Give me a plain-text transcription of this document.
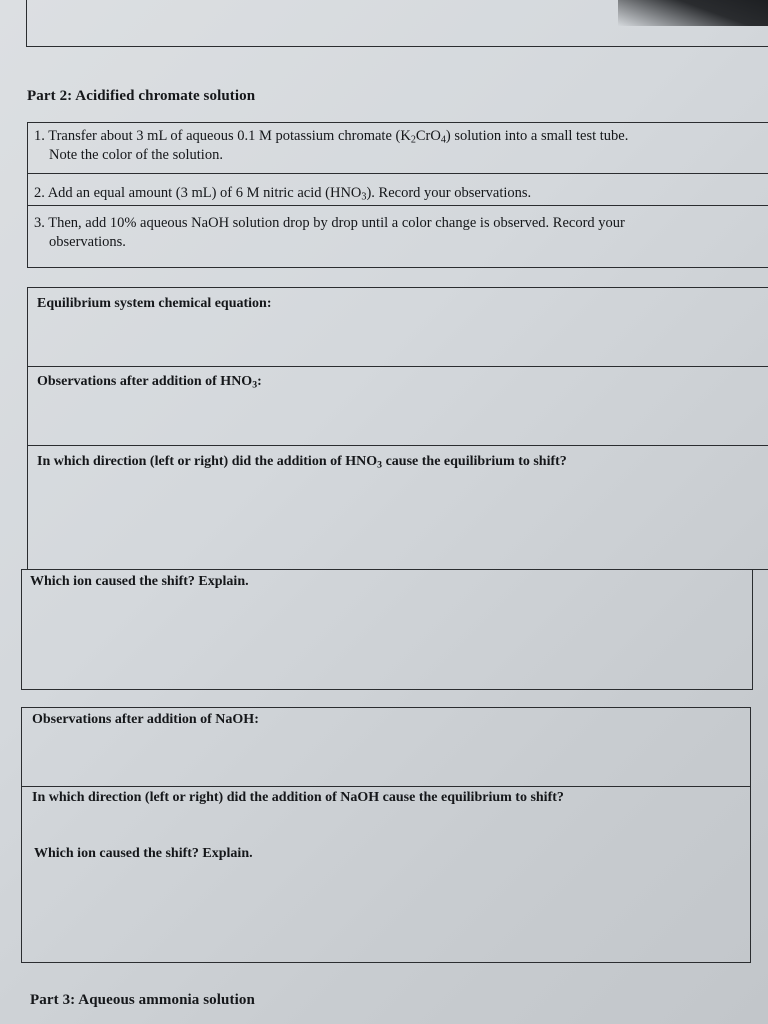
Part 2: Acidified chromate solution
1. Transfer about 3 mL of aqueous 0.1 M potassium chromate $(K_2CrO_4)$ solution into a small test tube.
Note the color of the solution.
2. Add an equal amount (3 mL) of 6 M nitric acid $(HNO_3)$. Record your observations.
3. Then, add 10% aqueous NaOH solution drop by drop until a color change is observed. Record your
observations.
Equilibrium system chemical equation:
Observations after addition of $HNO_3$:
In which direction (left or right) did the addition of $HNO_3$ cause the equilibrium to shift?
Which ion caused the shift? Explain.
Observations after addition of NaOH:
In which direction (left or right) did the addition of NaOH cause the equilibrium to shift?
Which ion caused the shift? Explain.
Part 3: Aqueous ammonia solution
